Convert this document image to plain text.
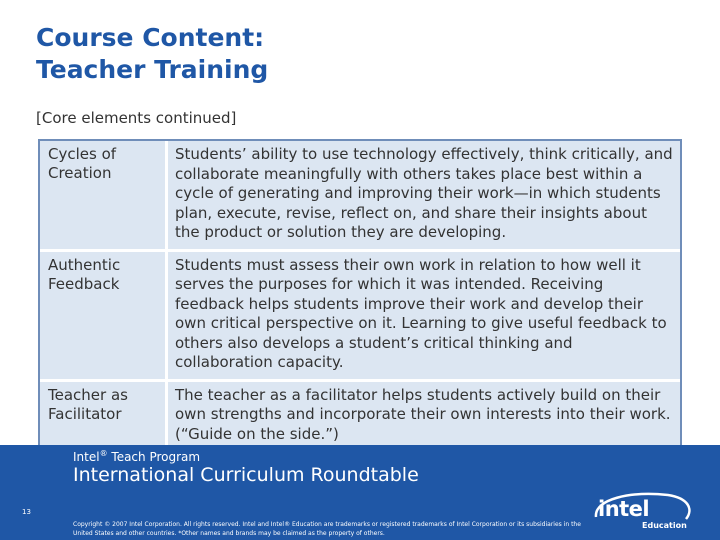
Course Content:
Teacher Training
[Core elements continued]
Cycles of Creation
Students’ ability to use technology effectively, think critically, and collaborate meaningfully with others takes place best within a cycle of generating and improving their work—in which students plan, execute, revise, reflect on, and share their insights about the product or solution they are developing.
Authentic Feedback
Students must assess their own work in relation to how well it serves the purposes for which it was intended. Receiving feedback helps students improve their work and develop their own critical perspective on it. Learning to give useful feedback to others also develops a student’s critical thinking and collaboration capacity.
Teacher as Facilitator
The teacher as a facilitator helps students actively build on their own strengths and incorporate their own interests into their work. (“Guide on the side.”)
13
Intel® Teach Program
International Curriculum Roundtable
Copyright © 2007 Intel Corporation. All rights reserved. Intel and Intel® Education are trademarks or registered trademarks of Intel Corporation or its subsidiaries in the United States and other countries. *Other names and brands may be claimed as the property of others.
intel
Education
